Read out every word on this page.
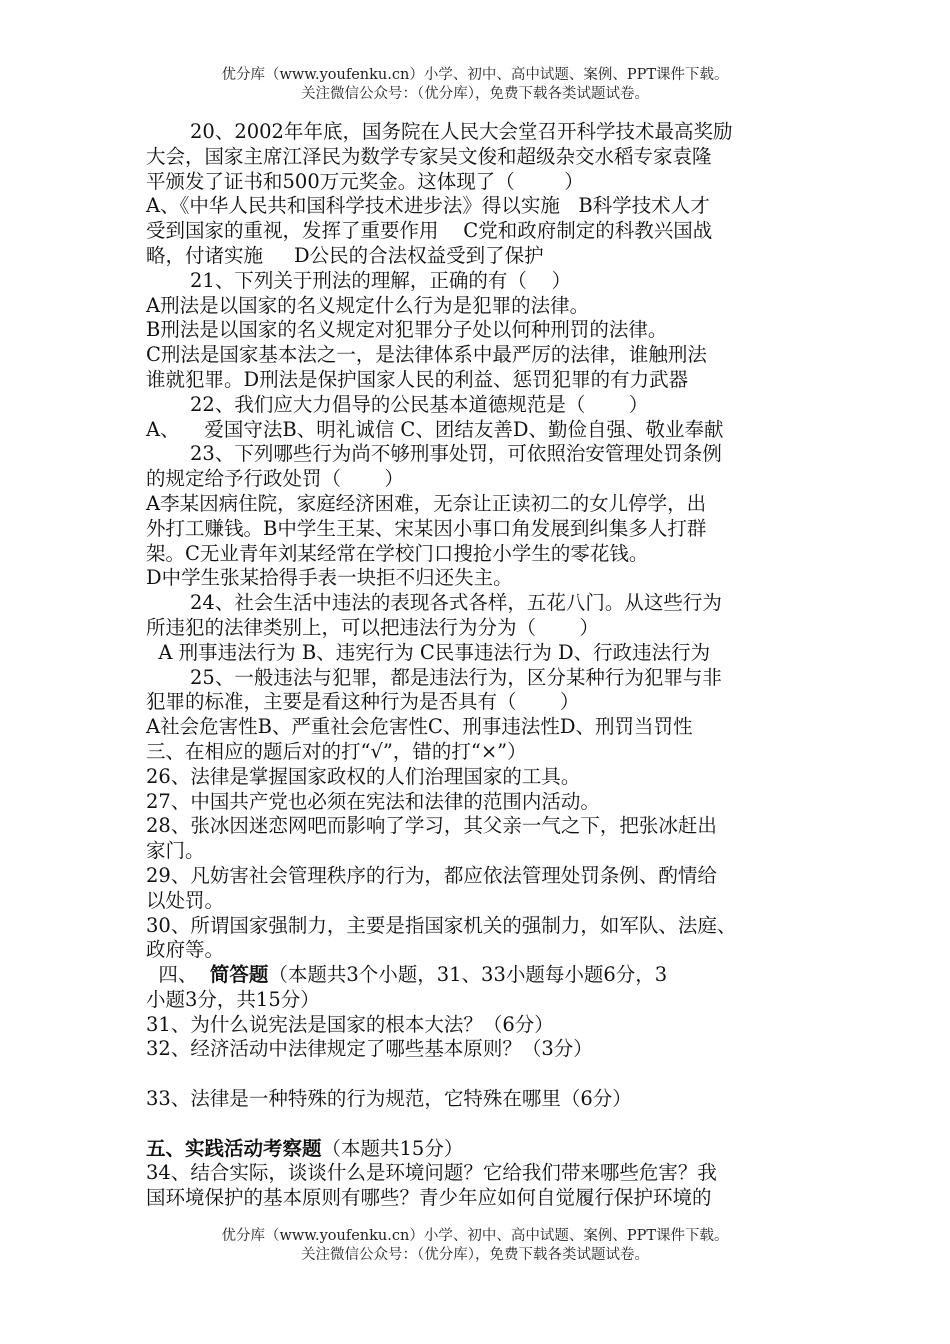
优分库（www.youfenku.cn）小学、初中、高中试题、案例、PPT课件下载。
关注微信公众号：（优分库），免费下载各类试题试卷。

20、2002年年底，国务院在人民大会堂召开科学技术最高奖励

大会，国家主席江泽民为数学专家吴文俊和超级杂交水稻专家袁隆

平颁发了证书和500万元奖金。这体现了（        ）

A、《中华人民共和国科学技术进步法》得以实施   B科学技术人才

受到国家的重视，发挥了重要作用    C党和政府制定的科教兴国战

略，付诸实施     D公民的合法权益受到了保护

21、下列关于刑法的理解，正确的有（    ）

A刑法是以国家的名义规定什么行为是犯罪的法律。

B刑法是以国家的名义规定对犯罪分子处以何种刑罚的法律。

C刑法是国家基本法之一，是法律体系中最严厉的法律，谁触刑法

谁就犯罪。D刑法是保护国家人民的利益、惩罚犯罪的有力武器

22、我们应大力倡导的公民基本道德规范是（       ）

A、    爱国守法B、明礼诚信 C、团结友善D、勤俭自强、敬业奉献

23、下列哪些行为尚不够刑事处罚，可依照治安管理处罚条例

的规定给予行政处罚（       ）

A李某因病住院，家庭经济困难，无奈让正读初二的女儿停学，出

外打工赚钱。B中学生王某、宋某因小事口角发展到纠集多人打群

架。C无业青年刘某经常在学校门口搜抢小学生的零花钱。

D中学生张某拾得手表一块拒不归还失主。

24、社会生活中违法的表现各式各样，五花八门。从这些行为

所违犯的法律类别上，可以把违法行为分为（       ）

A 刑事违法行为 B、违宪行为 C民事违法行为 D、行政违法行为

25、一般违法与犯罪，都是违法行为，区分某种行为犯罪与非

犯罪的标准，主要是看这种行为是否具有（       ）

A社会危害性B、严重社会危害性C、刑事违法性D、刑罚当罚性

三、在相应的题后对的打“√”，错的打“×”）

26、法律是掌握国家政权的人们治理国家的工具。

27、中国共产党也必须在宪法和法律的范围内活动。

28、张冰因迷恋网吧而影响了学习，其父亲一气之下，把张冰赶出

家门。

29、凡妨害社会管理秩序的行为，都应依法管理处罚条例、酌情给

以处罚。

30、所谓国家强制力，主要是指国家机关的强制力，如军队、法庭、

政府等。

四、  简答题（本题共3个小题，31、33小题每小题6分，3

小题3分，共15分）

31、为什么说宪法是国家的根本大法？（6分）

32、经济活动中法律规定了哪些基本原则？（3分）

33、法律是一种特殊的行为规范，它特殊在哪里（6分）

五、实践活动考察题（本题共15分）

34、结合实际，谈谈什么是环境问题？它给我们带来哪些危害？我

国环境保护的基本原则有哪些？青少年应如何自觉履行保护环境的

优分库（www.youfenku.cn）小学、初中、高中试题、案例、PPT课件下载。
关注微信公众号：（优分库），免费下载各类试题试卷。
